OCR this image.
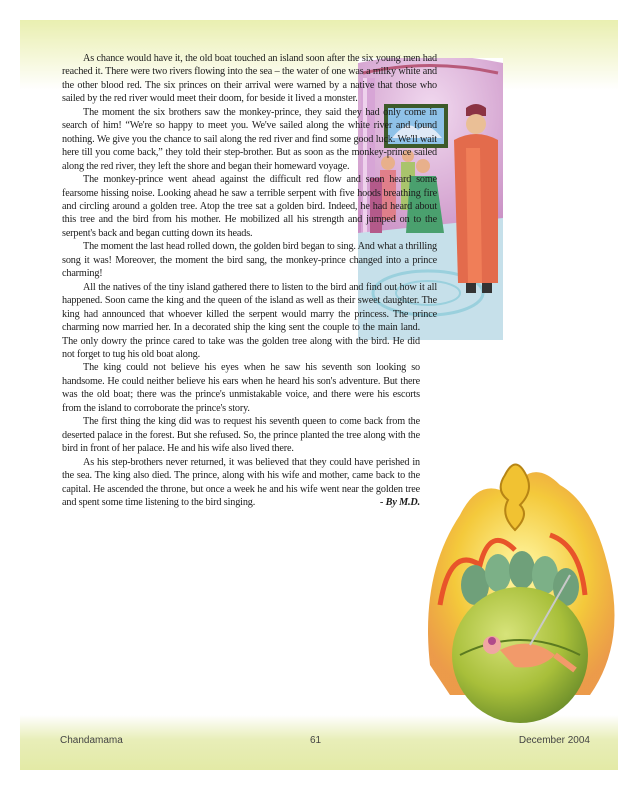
As chance would have it, the old boat touched an island soon after the six young men had reached it. There were two rivers flowing into the sea – the water of one was a milky white and the other blood red. The six princes on their arrival were warned by a native that those who sailed by the red river would meet their doom, for beside it lived a monster.

The moment the six brothers saw the monkey-prince, they said they had only come in search of him! “We're so happy to meet you. We've sailed along the white river and found nothing. We give you the chance to sail along the red river and find some good luck. We'll wait here till you come back,” they told their step-brother. But as soon as the monkey-prince sailed along the red river, they left the shore and began their homeward voyage.

The monkey-prince went ahead against the difficult red flow and soon heard some fearsome hissing noise. Looking ahead he saw a terrible serpent with five hoods breathing fire and circling around a golden tree. Atop the tree sat a golden bird. Indeed, he had heard about this tree and the bird from his mother. He mobilized all his strength and jumped on to the serpent's back and began cutting down its heads.

The moment the last head rolled down, the golden bird began to sing. And what a thrilling song it was! Moreover, the moment the bird sang, the monkey-prince changed into a prince charming!

All the natives of the tiny island gathered there to listen to the bird and find out how it all happened. Soon came the king and the queen of the island as well as their sweet daughter. The king had announced that whoever killed the serpent would marry the princess. The prince charming now married her. In a decorated ship the king sent the couple to the main land. The only dowry the prince cared to take was the golden tree along with the bird. He did not forget to tug his old boat along.

The king could not believe his eyes when he saw his seventh son looking so handsome. He could neither believe his ears when he heard his son's adventure. But there was the old boat; there was the prince's unmistakable voice, and there were his escorts from the island to corroborate the prince's story.

The first thing the king did was to request his seventh queen to come back from the deserted palace in the forest. But she refused. So, the prince planted the tree along with the bird in front of her palace. He and his wife also lived there.

As his step-brothers never returned, it was believed that they could have perished in the sea. The king also died. The prince, along with his wife and mother, came back to the capital. He ascended the throne, but once a week he and his wife went near the golden tree and spent some time listening to the bird singing.	- By M.D.

Chandamama	61	December 2004
